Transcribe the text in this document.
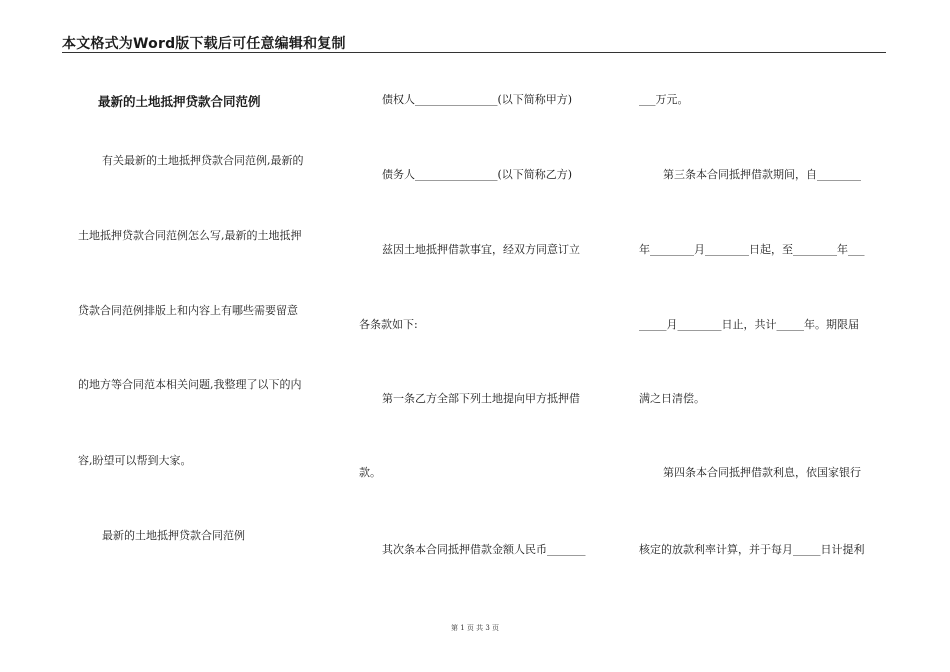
本文格式为Word版下载后可任意编辑和复制
最新的土地抵押贷款合同范例
有关最新的土地抵押贷款合同范例,最新的
土地抵押贷款合同范例怎么写,最新的土地抵押
贷款合同范例排版上和内容上有哪些需要留意
的地方等合同范本相关问题,我整理了以下的内
容,盼望可以帮到大家。
最新的土地抵押贷款合同范例
债权人_______________(以下简称甲方)
债务人_______________(以下简称乙方)
兹因土地抵押借款事宜，经双方同意订立
各条款如下:
第一条乙方全部下列土地提向甲方抵押借
款。
其次条本合同抵押借款金额人民币_______
___万元。
第三条本合同抵押借款期间，自________
年________月________日起，至________年___
_____月________日止，共计_____年。期限届
满之日清偿。
第四条本合同抵押借款利息，依国家银行
核定的放款利率计算，并于每月_____日计提利
第 1 页 共 3 页
